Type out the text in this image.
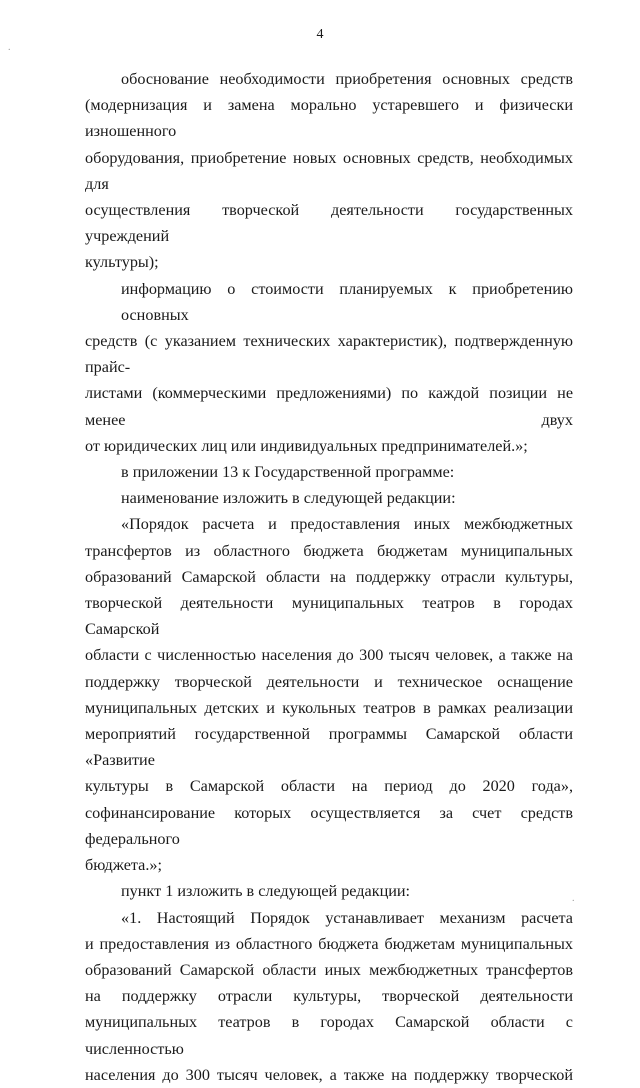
4
обоснование необходимости приобретения основных средств
(модернизация и замена морально устаревшего и физически изношенного
оборудования, приобретение новых основных средств, необходимых для
осуществления творческой деятельности государственных учреждений
культуры);
информацию о стоимости планируемых к приобретению основных
средств (с указанием технических характеристик), подтвержденную прайс-
листами (коммерческими предложениями) по каждой позиции не менее двух
от юридических лиц или индивидуальных предпринимателей.»;
в приложении 13 к Государственной программе:
наименование изложить в следующей редакции:
«Порядок расчета и предоставления иных межбюджетных
трансфертов из областного бюджета бюджетам муниципальных
образований Самарской области на поддержку отрасли культуры,
творческой деятельности муниципальных театров в городах Самарской
области с численностью населения до 300 тысяч человек, а также на
поддержку творческой деятельности и техническое оснащение
муниципальных детских и кукольных театров в рамках реализации
мероприятий государственной программы Самарской области «Развитие
культуры в Самарской области на период до 2020 года»,
софинансирование которых осуществляется за счет средств федерального
бюджета.»;
пункт 1 изложить в следующей редакции:
«1. Настоящий Порядок устанавливает механизм расчета
и предоставления из областного бюджета бюджетам муниципальных
образований Самарской области иных межбюджетных трансфертов
на поддержку отрасли культуры, творческой деятельности
муниципальных театров в городах Самарской области с численностью
населения до 300 тысяч человек, а также на поддержку творческой
.
.
